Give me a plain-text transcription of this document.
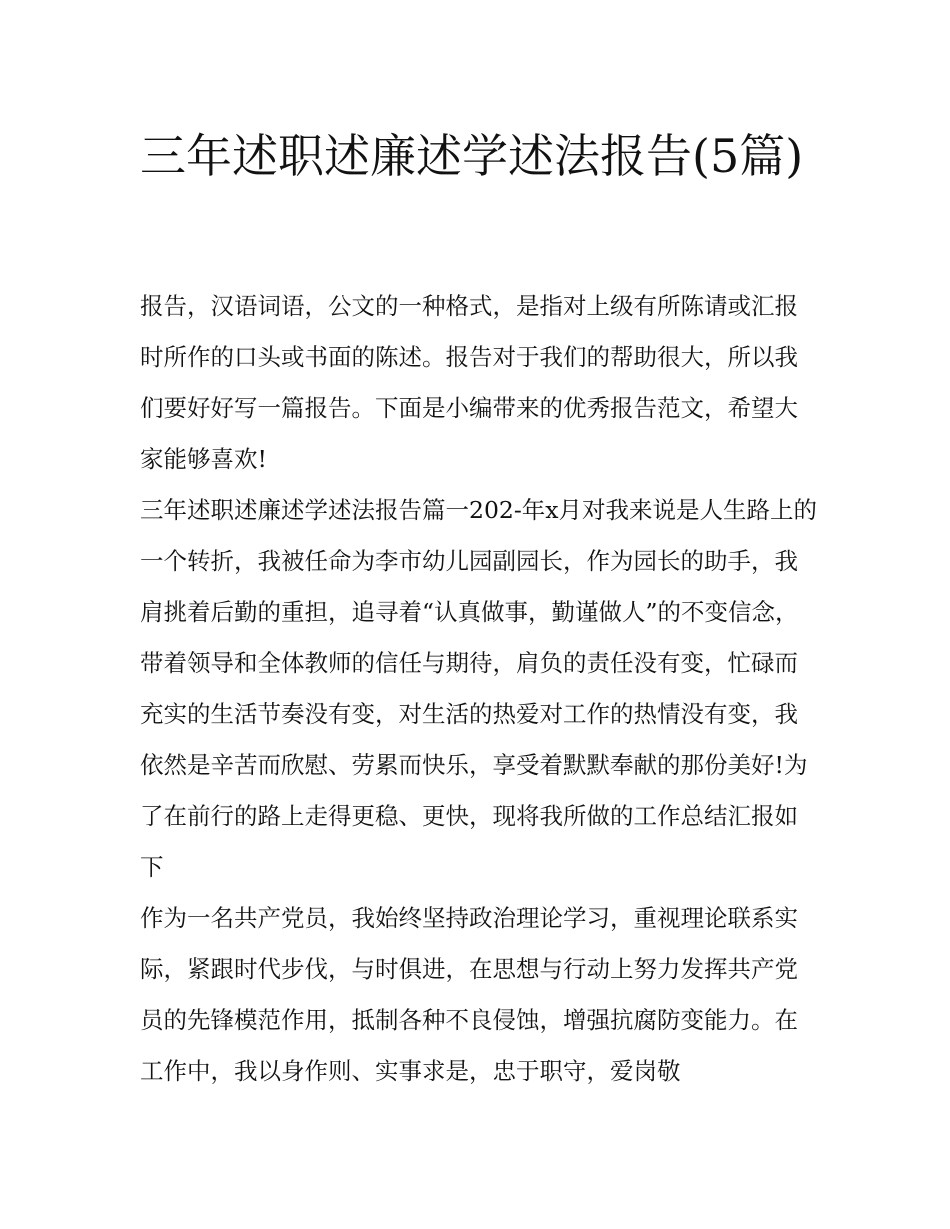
三年述职述廉述学述法报告(5篇)

报告，汉语词语，公文的一种格式，是指对上级有所陈请或汇报时所作的口头或书面的陈述。报告对于我们的帮助很大，所以我们要好好写一篇报告。下面是小编带来的优秀报告范文，希望大家能够喜欢!

三年述职述廉述学述法报告篇一202-年x月对我来说是人生路上的一个转折，我被任命为李市幼儿园副园长，作为园长的助手，我肩挑着后勤的重担，追寻着“认真做事，勤谨做人”的不变信念，带着领导和全体教师的信任与期待，肩负的责任没有变，忙碌而充实的生活节奏没有变，对生活的热爱对工作的热情没有变，我依然是辛苦而欣慰、劳累而快乐，享受着默默奉献的那份美好!为了在前行的路上走得更稳、更快，现将我所做的工作总结汇报如下

作为一名共产党员，我始终坚持政治理论学习，重视理论联系实际，紧跟时代步伐，与时俱进，在思想与行动上努力发挥共产党员的先锋模范作用，抵制各种不良侵蚀，增强抗腐防变能力。在工作中，我以身作则、实事求是，忠于职守，爱岗敬
